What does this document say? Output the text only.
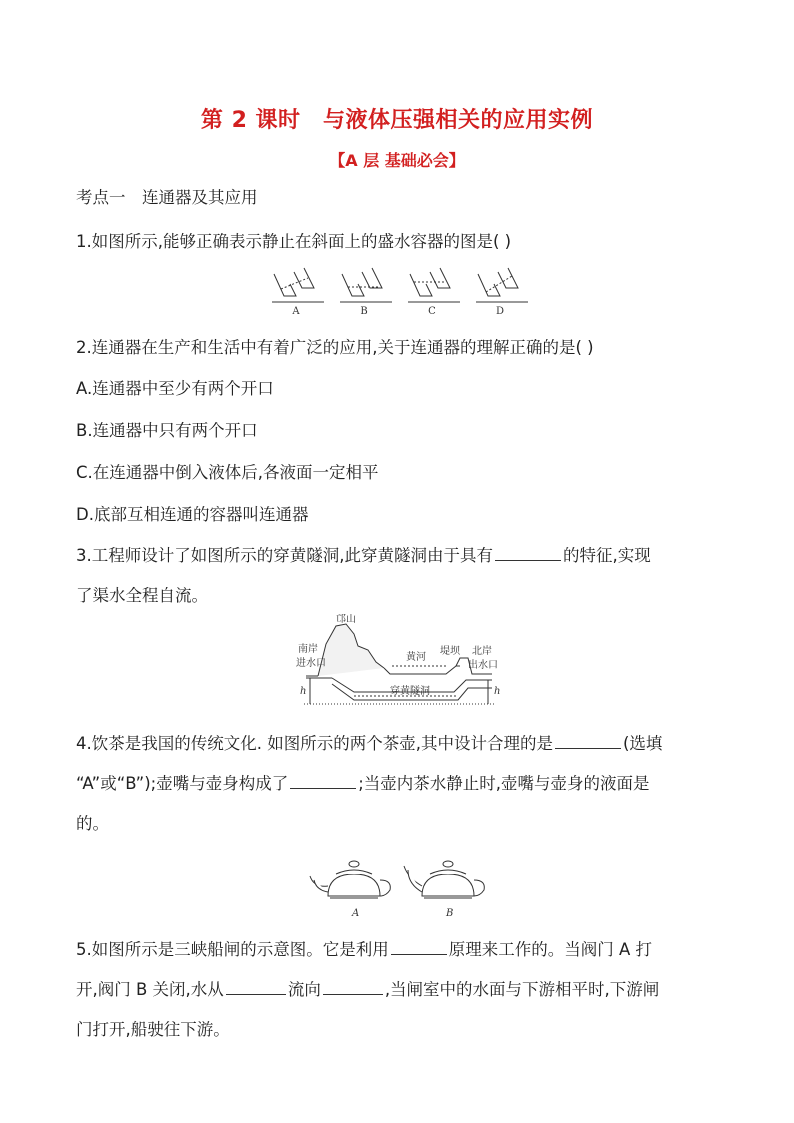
第 2 课时　与液体压强相关的应用实例
【A 层 基础必会】
考点一　连通器及其应用
1.如图所示,能够正确表示静止在斜面上的盛水容器的图是( )
A	B	C	D
2.连通器在生产和生活中有着广泛的应用,关于连通器的理解正确的是( )
A.连通器中至少有两个开口
B.连通器中只有两个开口
C.在连通器中倒入液体后,各液面一定相平
D.底部互相连通的容器叫连通器
3.工程师设计了如图所示的穿黄隧洞,此穿黄隧洞由于具有	的特征,实现
了渠水全程自流。
邙山
南岸
进水口
黄河
堤坝 北岸
出水口
穿黄隧洞
h	h
4.饮茶是我国的传统文化. 如图所示的两个茶壶,其中设计合理的是	(选填
“A”或“B”);壶嘴与壶身构成了	;当壶内茶水静止时,壶嘴与壶身的液面是
的。
A	B
5.如图所示是三峡船闸的示意图。它是利用	原理来工作的。当阀门 A 打
开,阀门 B 关闭,水从	流向	,当闸室中的水面与下游相平时,下游闸
门打开,船驶往下游。
